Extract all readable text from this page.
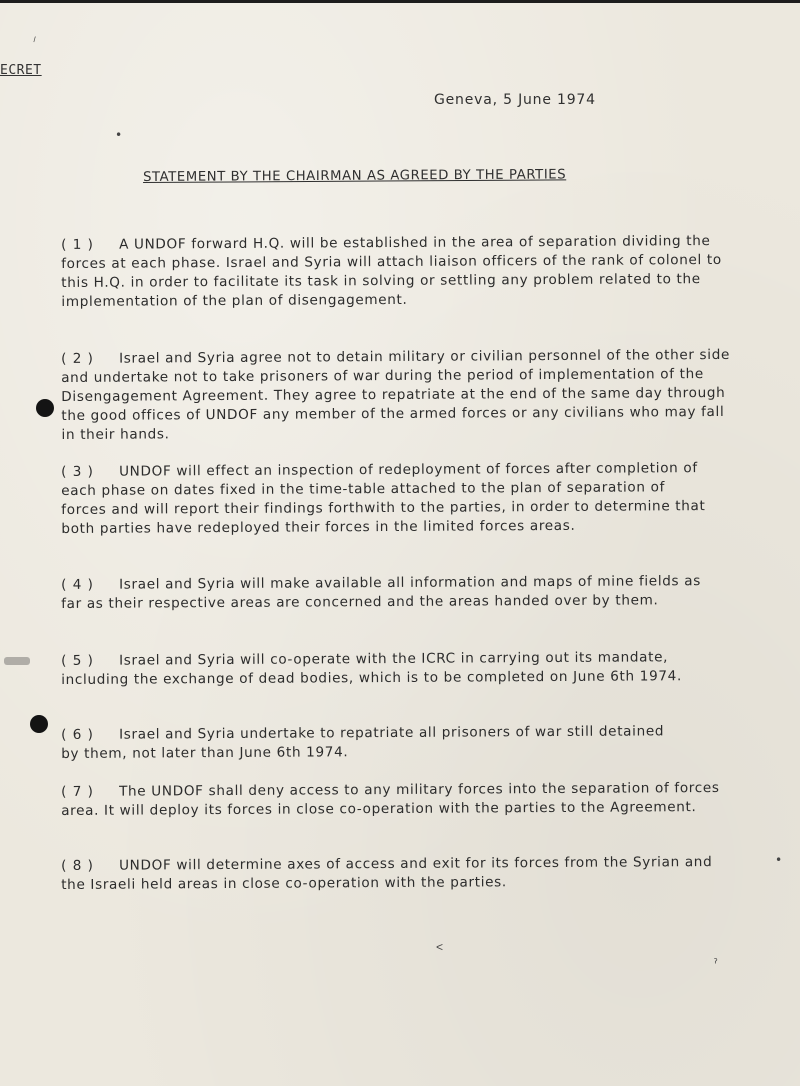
⸝
ECRET
Geneva, 5 June 1974
STATEMENT BY THE CHAIRMAN AS AGREED BY THE PARTIES
( 1 ) A UNDOF forward H.Q. will be established in the area of separation dividing the forces at each phase. Israel and Syria will attach liaison officers of the rank of colonel to this H.Q. in order to facilitate its task in solving or settling any problem related to the implementation of the plan of disengagement.
( 2 ) Israel and Syria agree not to detain military or civilian personnel of the other side and undertake not to take prisoners of war during the period of implementation of the Disengagement Agreement. They agree to repatriate at the end of the same day through the good offices of UNDOF any member of the armed forces or any civilians who may fall in their hands.
( 3 ) UNDOF will effect an inspection of redeployment of forces after completion of each phase on dates fixed in the time-table attached to the plan of separation of forces and will report their findings forthwith to the parties, in order to determine that both parties have redeployed their forces in the limited forces areas.
( 4 ) Israel and Syria will make available all information and maps of mine fields as far as their respective areas are concerned and the areas handed over by them.
( 5 ) Israel and Syria will co-operate with the ICRC in carrying out its mandate, including the exchange of dead bodies, which is to be completed on June 6th 1974.
( 6 ) Israel and Syria undertake to repatriate all prisoners of war still detained by them, not later than June 6th 1974.
( 7 ) The UNDOF shall deny access to any military forces into the separation of forces area. It will deploy its forces in close co-operation with the parties to the Agreement.
( 8 ) UNDOF will determine axes of access and exit for its forces from the Syrian and the Israeli held areas in close co-operation with the parties.
•
•
˂
ˀ
